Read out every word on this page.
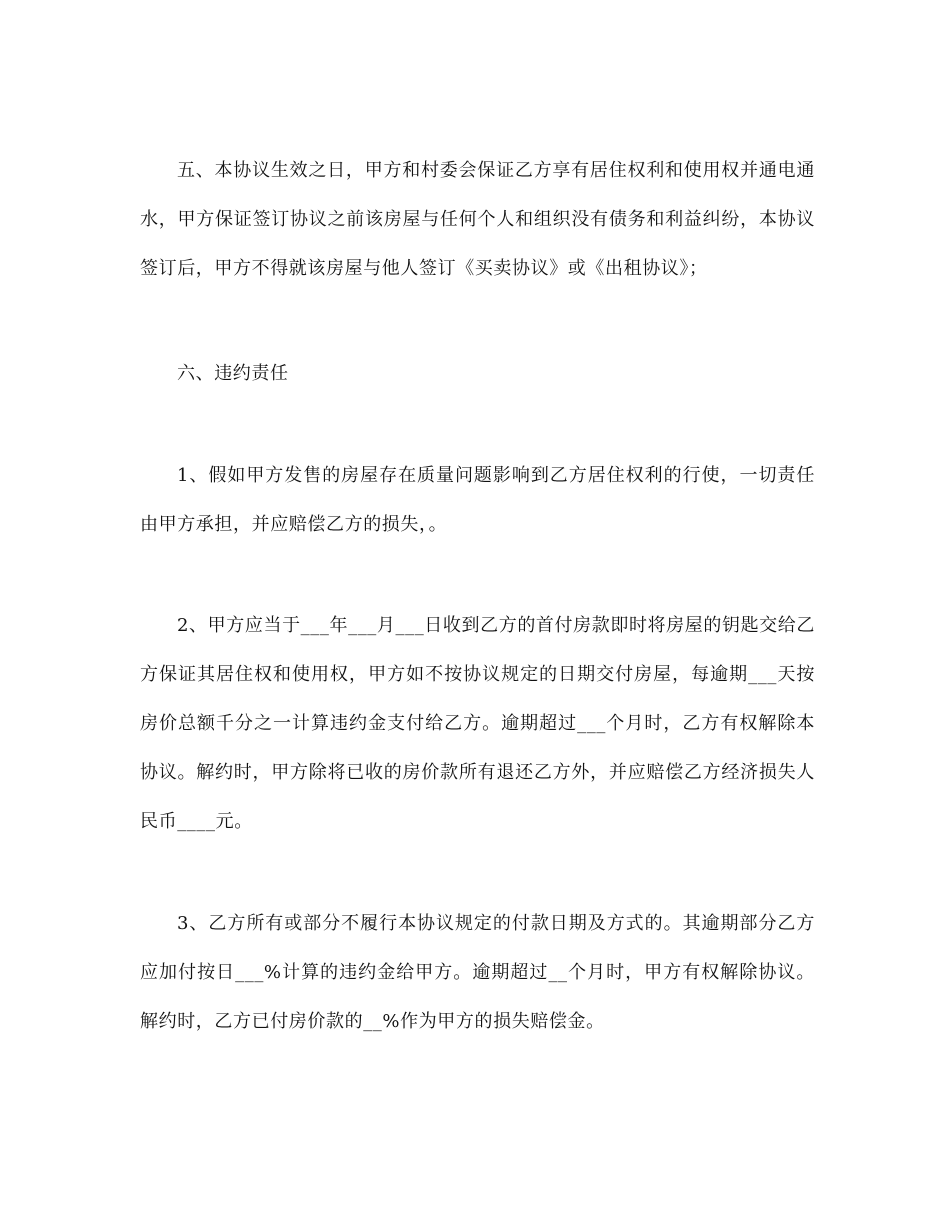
五、本协议生效之日，甲方和村委会保证乙方享有居住权利和使用权并通电通水，甲方保证签订协议之前该房屋与任何个人和组织没有债务和利益纠纷，本协议签订后，甲方不得就该房屋与他人签订《买卖协议》或《出租协议》；

六、违约责任

1、假如甲方发售的房屋存在质量问题影响到乙方居住权利的行使，一切责任由甲方承担，并应赔偿乙方的损失，。

2、甲方应当于___年___月___日收到乙方的首付房款即时将房屋的钥匙交给乙方保证其居住权和使用权，甲方如不按协议规定的日期交付房屋，每逾期___天按房价总额千分之一计算违约金支付给乙方。逾期超过___个月时，乙方有权解除本协议。解约时，甲方除将已收的房价款所有退还乙方外，并应赔偿乙方经济损失人民币____元。

3、乙方所有或部分不履行本协议规定的付款日期及方式的。其逾期部分乙方应加付按日___%计算的违约金给甲方。逾期超过__个月时，甲方有权解除协议。解约时，乙方已付房价款的__%作为甲方的损失赔偿金。
